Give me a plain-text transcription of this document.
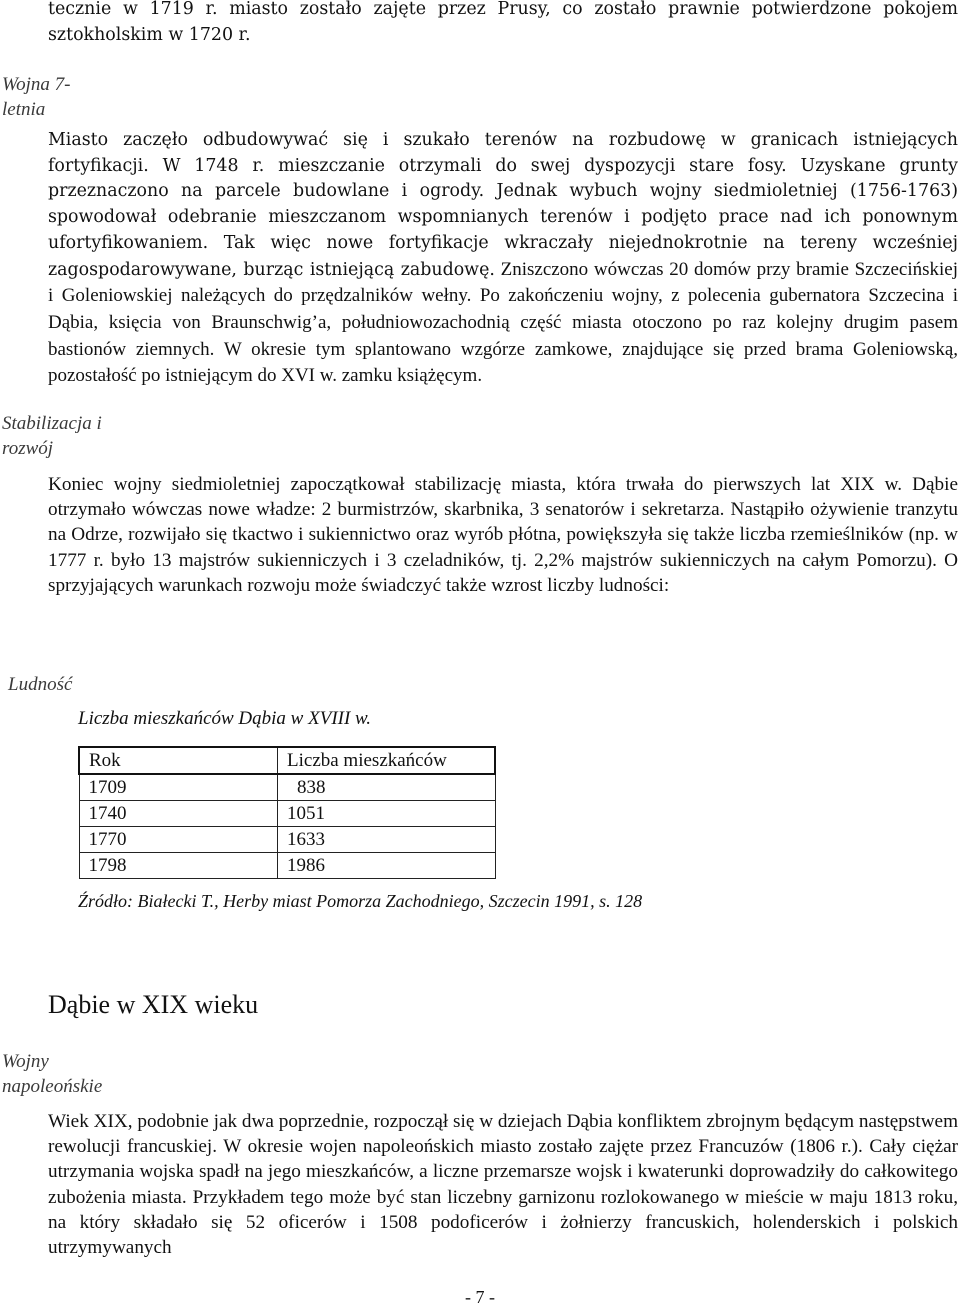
tecznie w 1719 r. miasto zostało zajęte przez Prusy, co zostało prawnie potwierdzone pokojem sztokholskim w 1720 r.

Wojna 7-letnia

Miasto zaczęło odbudowywać się i szukało terenów na rozbudowę w granicach istniejących fortyfikacji. W 1748 r. mieszczanie otrzymali do swej dyspozycji stare fosy. Uzyskane grunty przeznaczono na parcele budowlane i ogrody. Jednak wybuch wojny siedmioletniej (1756-1763) spowodował odebranie mieszczanom wspomnianych terenów i podjęto prace nad ich ponownym ufortyfikowaniem. Tak więc nowe fortyfikacje wkraczały niejednokrotnie na tereny wcześniej zagospodarowywane, burząc istniejącą zabudowę. Zniszczono wówczas 20 domów przy bramie Szczecińskiej i Goleniowskiej należących do przędzalników wełny. Po zakończeniu wojny, z polecenia gubernatora Szczecina i Dąbia, księcia von Braunschwig’a, południowozachodnią część miasta otoczono po raz kolejny drugim pasem bastionów ziemnych. W okresie tym splantowano wzgórze zamkowe, znajdujące się przed brama Goleniowską, pozostałość po istniejącym do XVI w. zamku książęcym.

Stabilizacja i rozwój

Koniec wojny siedmioletniej zapoczątkował stabilizację miasta, która trwała do pierwszych lat XIX w. Dąbie otrzymało wówczas nowe władze: 2 burmistrzów, skarbnika, 3 senatorów i sekretarza. Nastąpiło ożywienie tranzytu na Odrze, rozwijało się tkactwo i sukiennictwo oraz wyrób płótna, powiększyła się także liczba rzemieślników (np. w 1777 r. było 13 majstrów sukienniczych i 3 czeladników, tj. 2,2% majstrów sukienniczych na całym Pomorzu). O sprzyjających warunkach rozwoju może świadczyć także wzrost liczby ludności:

Ludność
Liczba mieszkańców Dąbia w XVIII w.
Rok	Liczba mieszkańców
1709	838
1740	1051
1770	1633
1798	1986
Źródło: Białecki T., Herby miast Pomorza Zachodniego, Szczecin 1991, s. 128
Dąbie w XIX wieku
Wojny napoleońskie

Wiek XIX, podobnie jak dwa poprzednie, rozpoczął się w dziejach Dąbia konfliktem zbrojnym będącym następstwem rewolucji francuskiej. W okresie wojen napoleońskich miasto zostało zajęte przez Francuzów (1806 r.). Cały ciężar utrzymania wojska spadł na jego mieszkańców, a liczne przemarsze wojsk i kwaterunki doprowadziły do całkowitego zubożenia miasta. Przykładem tego może być stan liczebny garnizonu rozlokowanego w mieście w maju 1813 roku, na który składało się 52 oficerów i 1508 podoficerów i żołnierzy francuskich, holenderskich i polskich utrzymywanych

- 7 -
